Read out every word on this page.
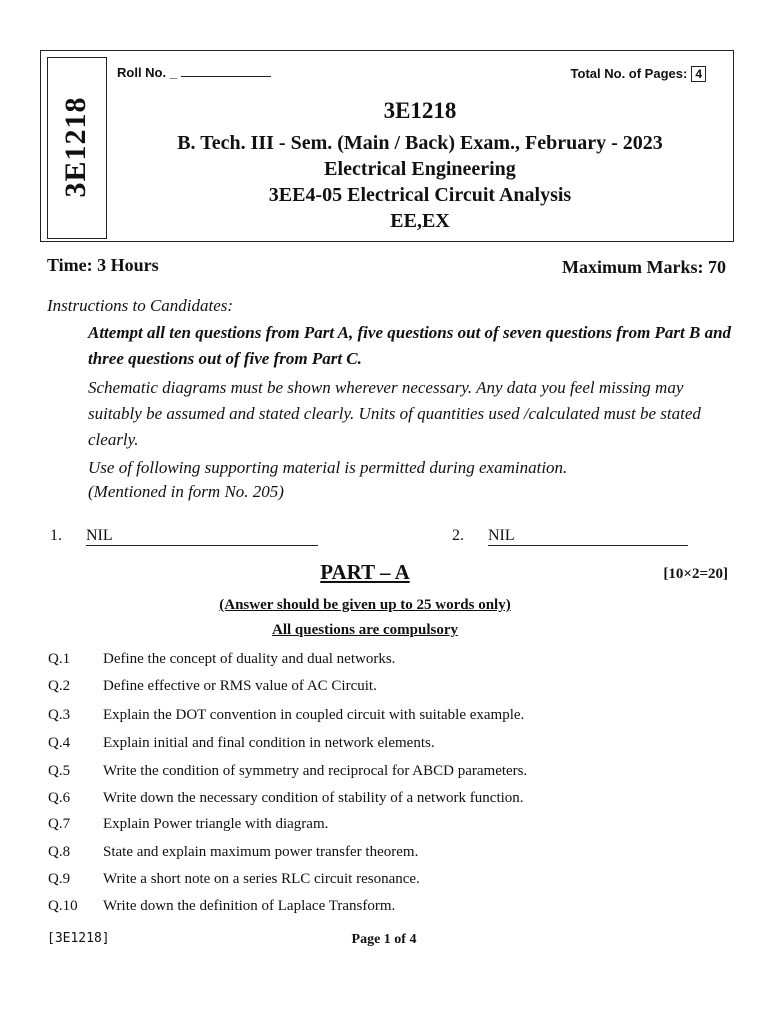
3E1218
Roll No. _	Total No. of Pages: 4
3E1218
B. Tech. III - Sem. (Main / Back) Exam., February - 2023
Electrical Engineering
3EE4-05 Electrical Circuit Analysis
EE,EX
Time: 3 Hours	Maximum Marks: 70
Instructions to Candidates:
Attempt all ten questions from Part A, five questions out of seven questions from Part B and three questions out of five from Part C.
Schematic diagrams must be shown wherever necessary. Any data you feel missing may suitably be assumed and stated clearly. Units of quantities used /calculated must be stated clearly.
Use of following supporting material is permitted during examination.
(Mentioned in form No. 205)
1. NIL	2. NIL
PART – A	[10×2=20]
(Answer should be given up to 25 words only)
All questions are compulsory
Q.1 Define the concept of duality and dual networks.
Q.2 Define effective or RMS value of AC Circuit.
Q.3 Explain the DOT convention in coupled circuit with suitable example.
Q.4 Explain initial and final condition in network elements.
Q.5 Write the condition of symmetry and reciprocal for ABCD parameters.
Q.6 Write down the necessary condition of stability of a network function.
Q.7 Explain Power triangle with diagram.
Q.8 State and explain maximum power transfer theorem.
Q.9 Write a short note on a series RLC circuit resonance.
Q.10 Write down the definition of Laplace Transform.
[3E1218]	Page 1 of 4
